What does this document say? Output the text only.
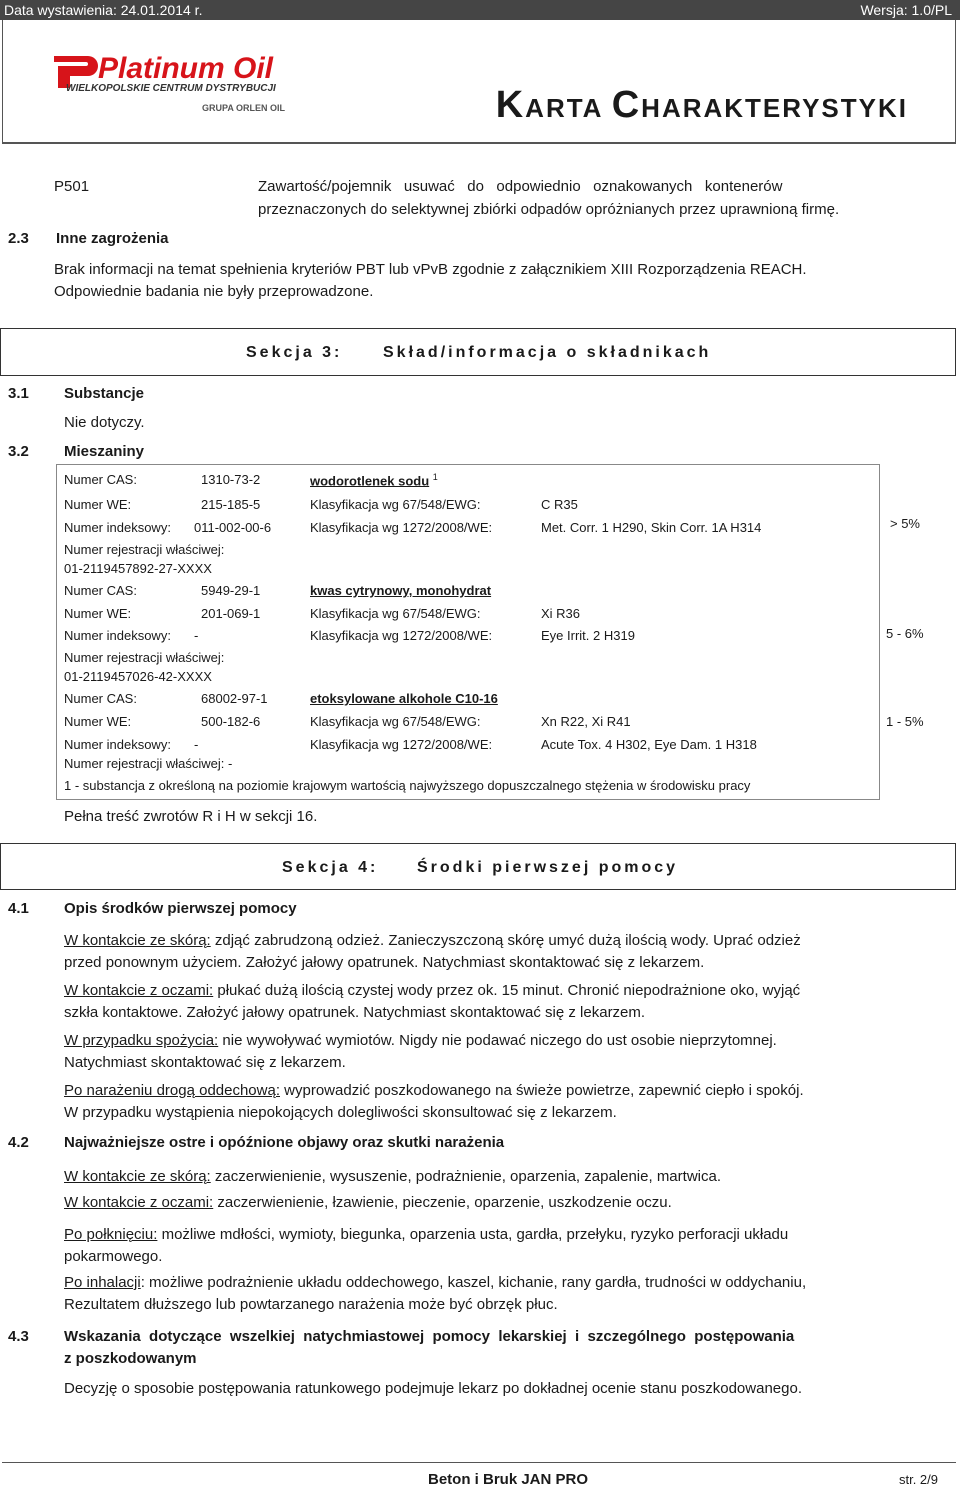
Data wystawienia: 24.01.2014 r.	Wersja: 1.0/PL
Platinum Oil
WIELKOPOLSKIE CENTRUM DYSTRYBUCJI
GRUPA ORLEN OIL	KARTA CHARAKTERYSTYKI
P501	Zawartość/pojemnik   usuwać   do   odpowiednio   oznakowanych   kontenerów
przeznaczonych do selektywnej zbiórki odpadów opróżnianych przez uprawnioną firmę.
2.3 Inne zagrożenia
Brak informacji na temat spełnienia kryteriów PBT lub vPvB zgodnie z załącznikiem XIII Rozporządzenia REACH.
Odpowiednie badania nie były przeprowadzone.
Sekcja 3:	Skład/informacja o składnikach
3.1 Substancje
Nie dotyczy.
3.2 Mieszaniny
Numer CAS:	1310-73-2	wodorotlenek sodu $^1$
Numer WE:	215-185-5	Klasyfikacja wg 67/548/EWG:	C R35
Numer indeksowy: 011-002-00-6	Klasyfikacja wg 1272/2008/WE:	Met. Corr. 1 H290, Skin Corr. 1A H314	> 5%
Numer rejestracji właściwej:
01-2119457892-27-XXXX
Numer CAS:	5949-29-1	kwas cytrynowy, monohydrat
Numer WE:	201-069-1	Klasyfikacja wg 67/548/EWG:	Xi R36
Numer indeksowy: -	Klasyfikacja wg 1272/2008/WE:	Eye Irrit. 2 H319	5 - 6%
Numer rejestracji właściwej:
01-2119457026-42-XXXX
Numer CAS:	68002-97-1	etoksylowane alkohole C10-16
Numer WE:	500-182-6	Klasyfikacja wg 67/548/EWG:	Xn R22, Xi R41	1 - 5%
Numer indeksowy: -	Klasyfikacja wg 1272/2008/WE:	Acute Tox. 4 H302, Eye Dam. 1 H318
Numer rejestracji właściwej: -
1 - substancja z określoną na poziomie krajowym wartością najwyższego dopuszczalnego stężenia w środowisku pracy
Pełna treść zwrotów R i H w sekcji 16.
Sekcja 4: Środki pierwszej pomocy
4.1 Opis środków pierwszej pomocy
W kontakcie ze skórą: zdjąć zabrudzoną odzież. Zanieczyszczoną skórę umyć dużą ilością wody. Uprać odzież
przed ponownym użyciem. Założyć jałowy opatrunek. Natychmiast skontaktować się z lekarzem.
W kontakcie z oczami: płukać dużą ilością czystej wody przez ok. 15 minut. Chronić niepodrażnione oko, wyjąć
szkła kontaktowe. Założyć jałowy opatrunek. Natychmiast skontaktować się z lekarzem.
W przypadku spożycia: nie wywoływać wymiotów. Nigdy nie podawać niczego do ust osobie nieprzytomnej.
Natychmiast skontaktować się z lekarzem.
Po narażeniu drogą oddechową: wyprowadzić poszkodowanego na świeże powietrze, zapewnić ciepło i spokój.
W przypadku wystąpienia niepokojących dolegliwości skonsultować się z lekarzem.
4.2 Najważniejsze ostre i opóźnione objawy oraz skutki narażenia
W kontakcie ze skórą: zaczerwienienie, wysuszenie, podrażnienie, oparzenia, zapalenie, martwica.
W kontakcie z oczami: zaczerwienienie, łzawienie, pieczenie, oparzenie, uszkodzenie oczu.
Po połknięciu: możliwe mdłości, wymioty, biegunka, oparzenia usta, gardła, przełyku, ryzyko perforacji układu
pokarmowego.
Po inhalacji: możliwe podrażnienie układu oddechowego, kaszel, kichanie, rany gardła, trudności w oddychaniu,
Rezultatem dłuższego lub powtarzanego narażenia może być obrzęk płuc.
4.3 Wskazania  dotyczące  wszelkiej  natychmiastowej  pomocy  lekarskiej  i  szczególnego  postępowania
z poszkodowanym
Decyzję o sposobie postępowania ratunkowego podejmuje lekarz po dokładnej ocenie stanu poszkodowanego.
Beton i Bruk JAN PRO	str. 2/9
